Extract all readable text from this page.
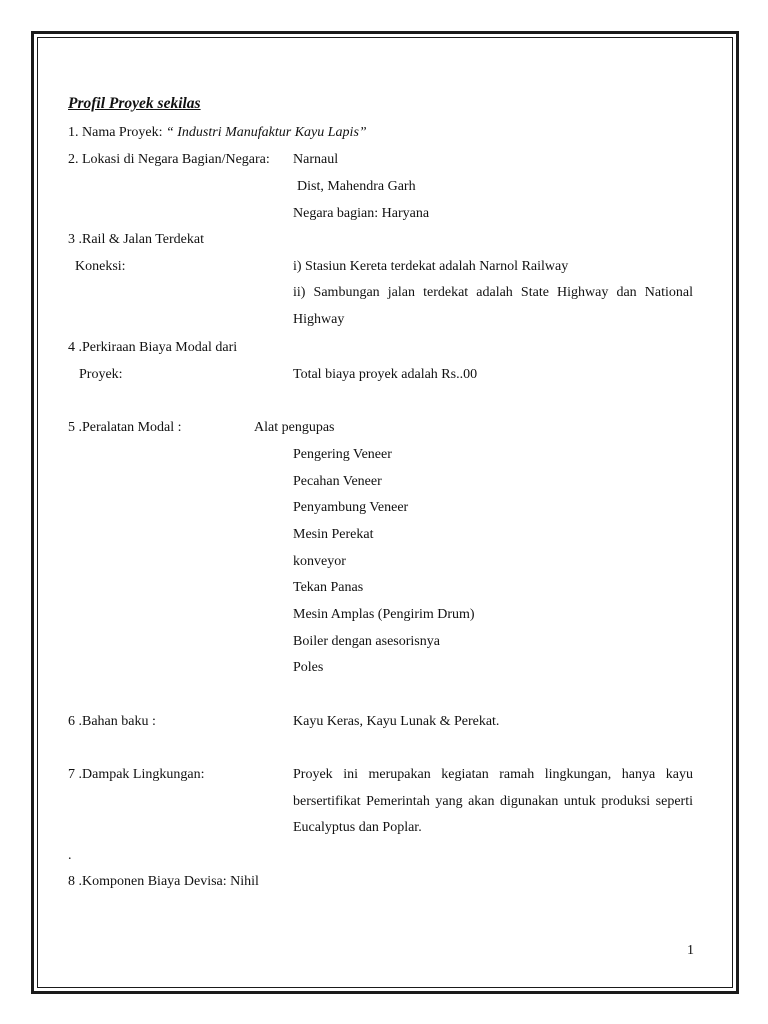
Profil Proyek sekilas
1. Nama Proyek: “ Industri Manufaktur Kayu Lapis”
2. Lokasi di Negara Bagian/Negara: Narnaul
Dist, Mahendra Garh
Negara bagian: Haryana
3 .Rail & Jalan Terdekat
Koneksi:	i) Stasiun Kereta terdekat adalah Narnol Railway
ii) Sambungan jalan terdekat adalah State Highway dan National Highway
4 .Perkiraan Biaya Modal dari
Proyek:	Total biaya proyek adalah Rs..00
5 .Peralatan Modal :	Alat pengupas
Pengering Veneer
Pecahan Veneer
Penyambung Veneer
Mesin Perekat
konveyor
Tekan Panas
Mesin Amplas (Pengirim Drum)
Boiler dengan asesorisnya
Poles
6 .Bahan baku :	Kayu Keras, Kayu Lunak & Perekat.
7 .Dampak Lingkungan:	Proyek ini merupakan kegiatan ramah lingkungan, hanya kayu bersertifikat Pemerintah yang akan digunakan untuk produksi seperti Eucalyptus dan Poplar.
.
8 .Komponen Biaya Devisa: Nihil
1
